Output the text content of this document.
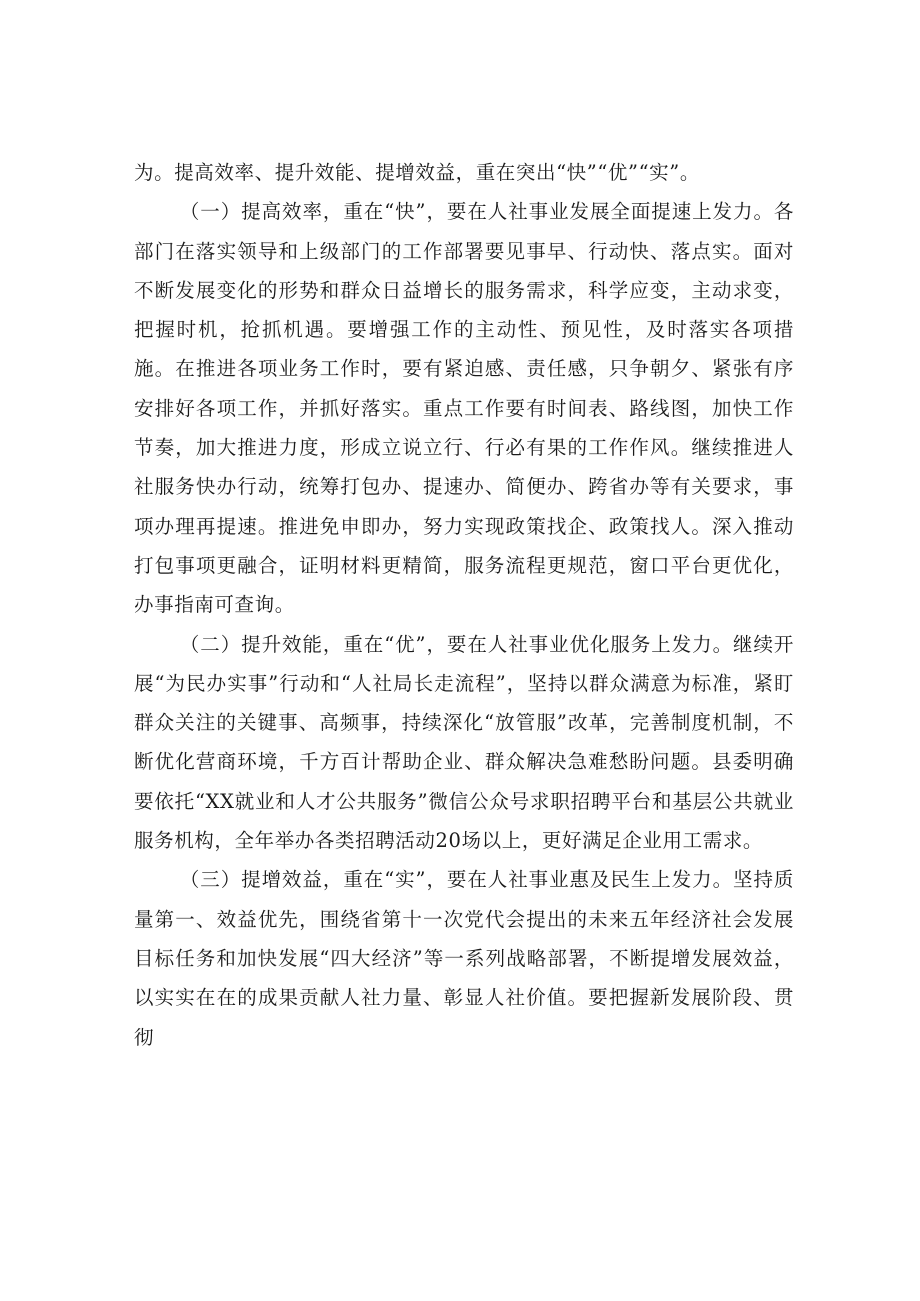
为。提高效率、提升效能、提增效益，重在突出“快”“优”“实”。

（一）提高效率，重在“快”，要在人社事业发展全面提速上发力。各部门在落实领导和上级部门的工作部署要见事早、行动快、落点实。面对不断发展变化的形势和群众日益增长的服务需求，科学应变，主动求变，把握时机，抢抓机遇。要增强工作的主动性、预见性，及时落实各项措施。在推进各项业务工作时，要有紧迫感、责任感，只争朝夕、紧张有序安排好各项工作，并抓好落实。重点工作要有时间表、路线图，加快工作节奏，加大推进力度，形成立说立行、行必有果的工作作风。继续推进人社服务快办行动，统筹打包办、提速办、简便办、跨省办等有关要求，事项办理再提速。推进免申即办，努力实现政策找企、政策找人。深入推动打包事项更融合，证明材料更精简，服务流程更规范，窗口平台更优化，办事指南可查询。

（二）提升效能，重在“优”，要在人社事业优化服务上发力。继续开展“为民办实事”行动和“人社局长走流程”，坚持以群众满意为标准，紧盯群众关注的关键事、高频事，持续深化“放管服”改革，完善制度机制，不断优化营商环境，千方百计帮助企业、群众解决急难愁盼问题。县委明确要依托“XX就业和人才公共服务”微信公众号求职招聘平台和基层公共就业服务机构，全年举办各类招聘活动20场以上，更好满足企业用工需求。

（三）提增效益，重在“实”，要在人社事业惠及民生上发力。坚持质量第一、效益优先，围绕省第十一次党代会提出的未来五年经济社会发展目标任务和加快发展“四大经济”等一系列战略部署，不断提增发展效益，以实实在在的成果贡献人社力量、彰显人社价值。要把握新发展阶段、贯彻
